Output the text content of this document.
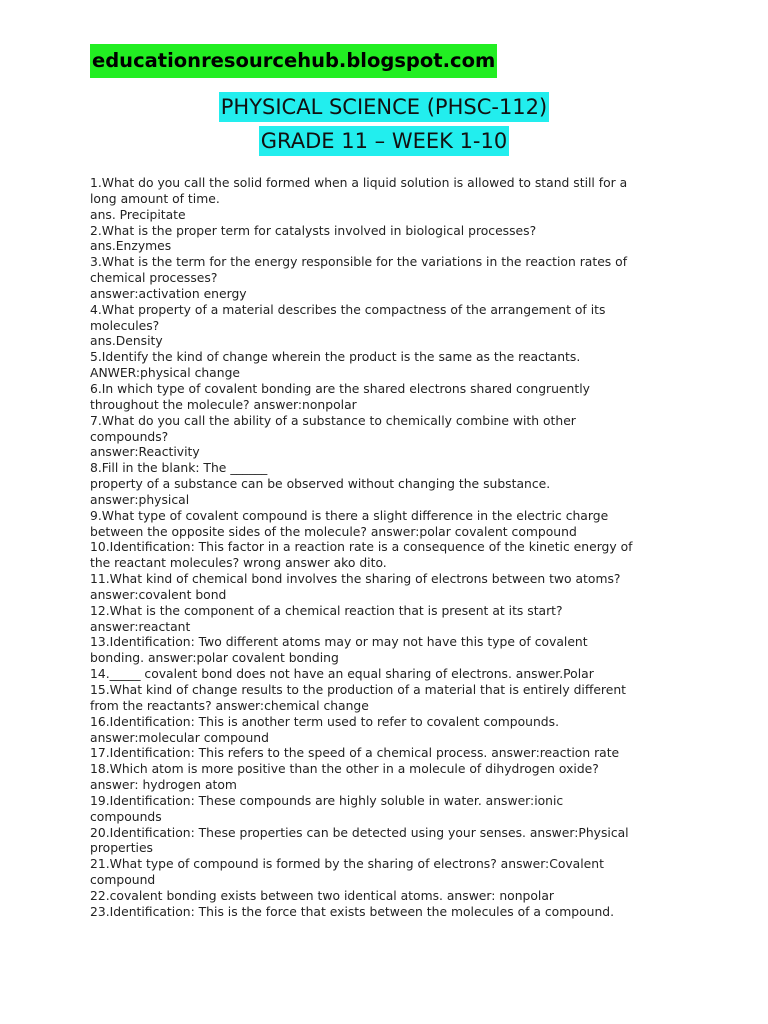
educationresourcehub.blogspot.com
PHYSICAL SCIENCE (PHSC-112)
GRADE 11 – WEEK 1-10
1.What do you call the solid formed when a liquid solution is allowed to stand still for a
long amount of time.
ans. Precipitate
2.What is the proper term for catalysts involved in biological processes?
ans.Enzymes
3.What is the term for the energy responsible for the variations in the reaction rates of
chemical processes?
answer:activation energy
4.What property of a material describes the compactness of the arrangement of its
molecules?
ans.Density
5.Identify the kind of change wherein the product is the same as the reactants.
ANWER:physical change
6.In which type of covalent bonding are the shared electrons shared congruently
throughout the molecule? answer:nonpolar
7.What do you call the ability of a substance to chemically combine with other
compounds?
answer:Reactivity
8.Fill in the blank: The ______
property of a substance can be observed without changing the substance.
answer:physical
9.What type of covalent compound is there a slight difference in the electric charge
between the opposite sides of the molecule? answer:polar covalent compound
10.Identification: This factor in a reaction rate is a consequence of the kinetic energy of
the reactant molecules? wrong answer ako dito.
11.What kind of chemical bond involves the sharing of electrons between two atoms?
answer:covalent bond
12.What is the component of a chemical reaction that is present at its start?
answer:reactant
13.Identification: Two different atoms may or may not have this type of covalent
bonding. answer:polar covalent bonding
14._____ covalent bond does not have an equal sharing of electrons. answer.Polar
15.What kind of change results to the production of a material that is entirely different
from the reactants? answer:chemical change
16.Identification: This is another term used to refer to covalent compounds.
answer:molecular compound
17.Identification: This refers to the speed of a chemical process. answer:reaction rate
18.Which atom is more positive than the other in a molecule of dihydrogen oxide?
answer: hydrogen atom
19.Identification: These compounds are highly soluble in water. answer:ionic
compounds
20.Identification: These properties can be detected using your senses. answer:Physical
properties
21.What type of compound is formed by the sharing of electrons? answer:Covalent
compound
22.covalent bonding exists between two identical atoms. answer: nonpolar
23.Identification: This is the force that exists between the molecules of a compound.
